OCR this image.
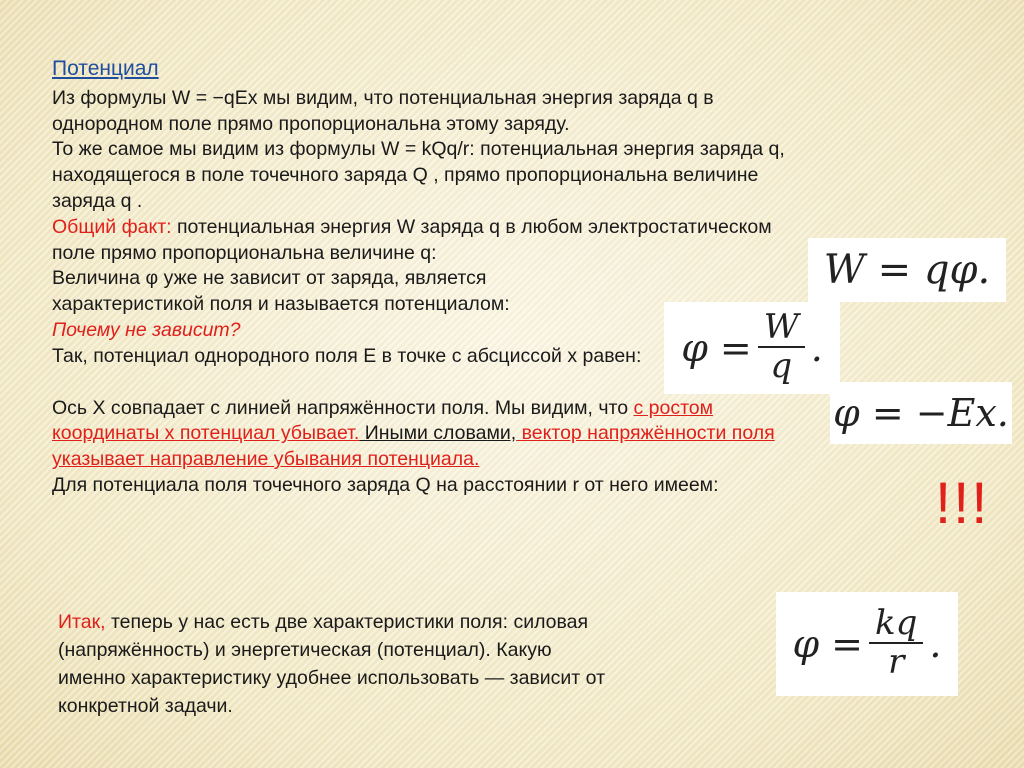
Потенциал
Из формулы W = −qEx мы видим, что потенциальная энергия заряда q в
однородном поле прямо пропорциональна этому заряду.
То же самое мы видим из формулы W = kQq/r: потенциальная энергия заряда q,
находящегося в поле точечного заряда Q , прямо пропорциональна величине
заряда q .
Общий факт: потенциальная энергия W заряда q в любом электростатическом
поле прямо пропорциональна величине q:
Величина φ уже не зависит от заряда, является
характеристикой поля и называется потенциалом:
Почему не зависит?
Так, потенциал однородного поля E в точке с абсциссой x равен:
Ось X совпадает с линией напряжённости поля. Мы видим, что с ростом
координаты x потенциал убывает. Иными словами, вектор напряжённости поля
указывает направление убывания потенциала.
Для потенциала поля точечного заряда Q на расстоянии r от него имеем:
Итак, теперь у нас есть две характеристики поля: силовая
(напряжённость) и энергетическая (потенциал). Какую
именно характеристику удобнее использовать — зависит от
конкретной задачи.
W = qφ.
$\varphi = \frac{W}{q}$ .
φ = −Ex.
$\varphi = \frac{kq}{r}$ .
!!!
